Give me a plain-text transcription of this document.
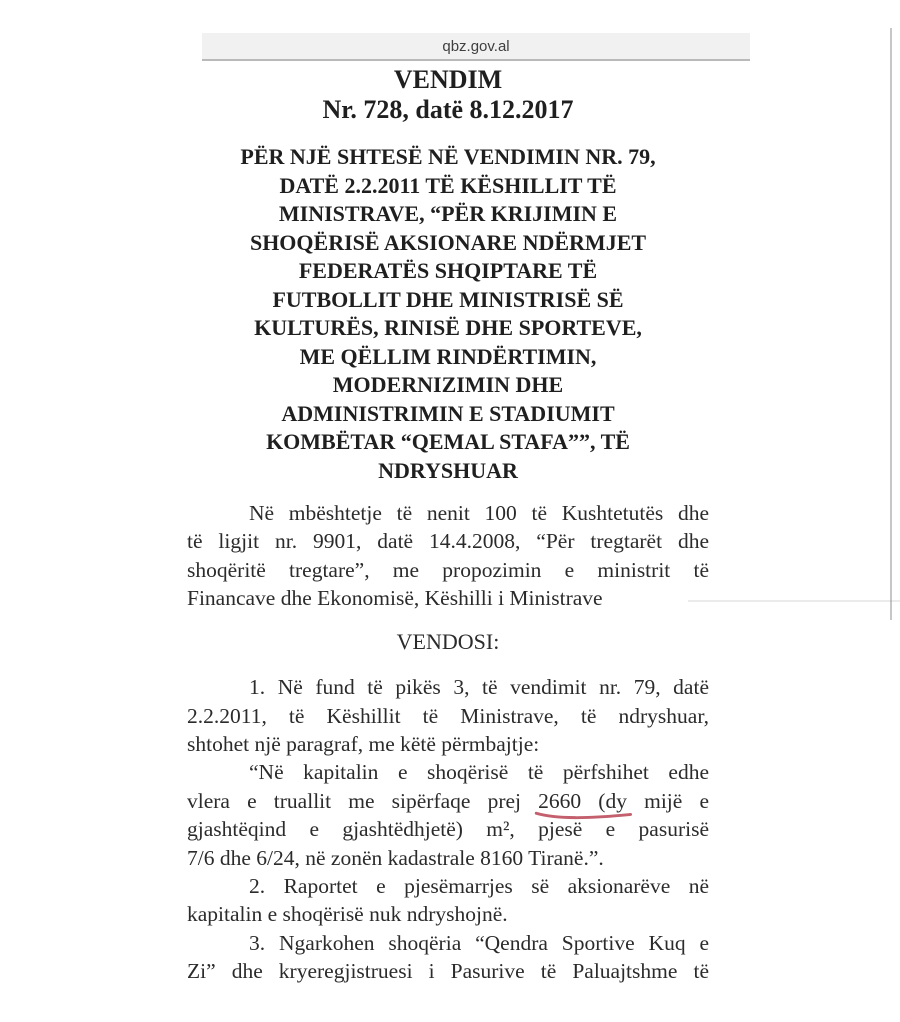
qbz.gov.al
VENDIM
Nr. 728, datë 8.12.2017
PËR NJË SHTESË NË VENDIMIN NR. 79,
DATË 2.2.2011 TË KËSHILLIT TË
MINISTRAVE, “PËR KRIJIMIN E
SHOQËRISË AKSIONARE NDËRMJET
FEDERATËS SHQIPTARE TË
FUTBOLLIT DHE MINISTRISË SË
KULTURËS, RINISË DHE SPORTEVE,
ME QËLLIM RINDËRTIMIN,
MODERNIZIMIN DHE
ADMINISTRIMIN E STADIUMIT
KOMBËTAR “QEMAL STAFA””, TË
NDRYSHUAR
Në mbështetje të nenit 100 të Kushtetutës dhe
të ligjit nr. 9901, datë 14.4.2008, “Për tregtarët dhe
shoqëritë tregtare”, me propozimin e ministrit të
Financave dhe Ekonomisë, Këshilli i Ministrave
VENDOSI:
1. Në fund të pikës 3, të vendimit nr. 79, datë
2.2.2011, të Këshillit të Ministrave, të ndryshuar,
shtohet një paragraf, me këtë përmbajtje:
“Në kapitalin e shoqërisë të përfshihet edhe
vlera e truallit me sipërfaqe prej 2660 (dy
mijë e
gjashtëqind e gjashtëdhjetë) m², pjesë e pasurisë
7/6 dhe 6/24, në zonën kadastrale 8160 Tiranë.”.
2. Raportet e pjesëmarrjes së aksionarëve në
kapitalin e shoqërisë nuk ndryshojnë.
3. Ngarkohen shoqëria “Qendra Sportive Kuq e
Zi” dhe kryeregjistruesi i Pasurive të Paluajtshme të
